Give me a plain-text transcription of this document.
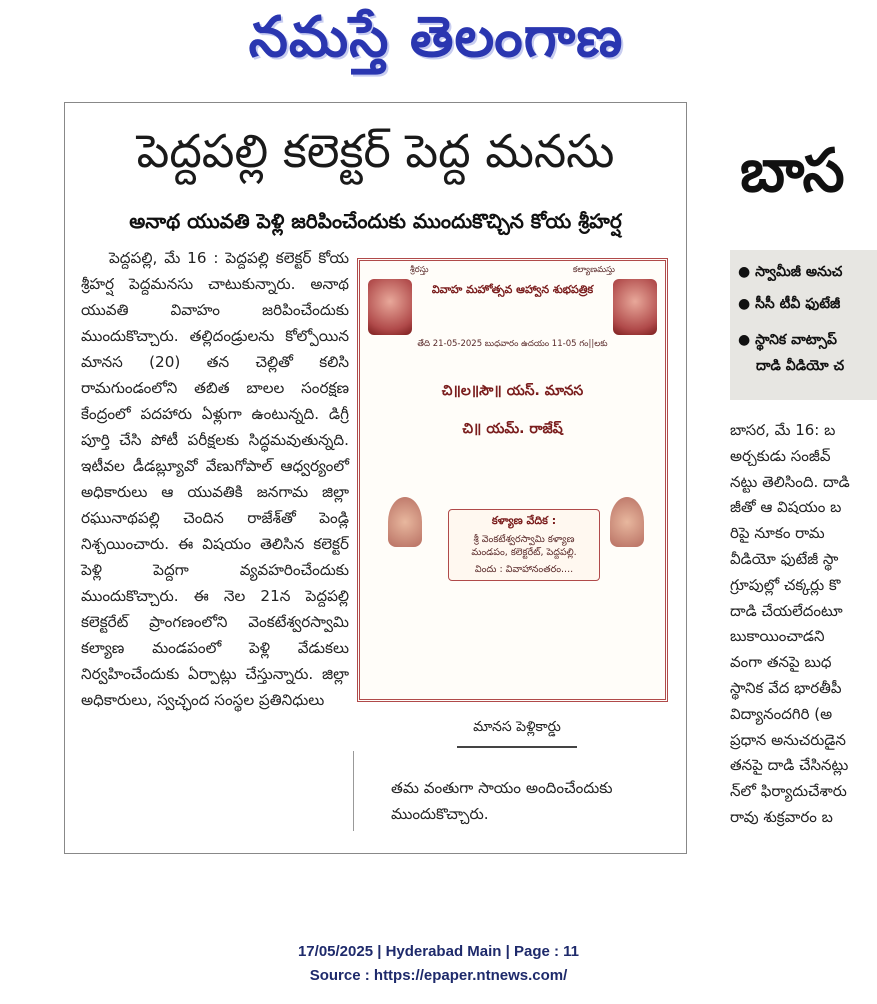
నమస్తే తెలంగాణ
పెద్దపల్లి కలెక్టర్ పెద్ద మనసు
అనాథ యువతి పెళ్లి జరిపించేందుకు ముందుకొచ్చిన కోయ శ్రీహర్ష

పెద్దపల్లి, మే 16 : పెద్దపల్లి కలెక్టర్ కోయ శ్రీహర్ష పెద్దమనసు చాటుకున్నారు. అనాథ యువతి వివాహం జరిపించేందుకు ముందుకొచ్చారు. తల్లిదండ్రులను కోల్పోయిన మానస (20) తన చెల్లితో కలిసి రామగుండంలోని తబిత బాలల సంరక్షణ కేంద్రంలో పదహారు ఏళ్లుగా ఉంటున్నది. డిగ్రీ పూర్తి చేసి పోటీ పరీక్షలకు సిద్ధమవుతున్నది. ఇటీవల డీడబ్ల్యూవో వేణుగోపాల్ ఆధ్వర్యంలో అధికారులు ఆ యువతికి జనగామ జిల్లా రఘునాథపల్లి చెందిన రాజేశ్‌తో పెండ్లి నిశ్చయించారు. ఈ విషయం తెలిసిన కలెక్టర్ పెళ్లి పెద్దగా వ్యవహరించేందుకు ముందుకొచ్చారు. ఈ నెల 21న పెద్దపల్లి కలెక్టరేట్ ప్రాంగణంలోని వెంకటేశ్వరస్వామి కల్యాణ మండపంలో పెళ్లి వేడుకలు నిర్వహించేందుకు ఏర్పాట్లు చేస్తున్నారు. జిల్లా అధికారులు, స్వచ్ఛంద సంస్థల ప్రతినిధులు

శ్రీరస్తు	కల్యాణమస్తు
వివాహ మహోత్సవ ఆహ్వాన శుభపత్రిక
తేది 21-05-2025 బుధవారం ఉదయం 11-05 గం||లకు
చి॥ల॥సౌ॥ యస్. మానస
చి॥ యమ్. రాజేష్
కళ్యాణ వేదిక :
శ్రీ వెంకటేశ్వరస్వామి కళ్యాణ మండపం, కలెక్టరేట్, పెద్దపల్లి.
విందు : వివాహానంతరం....
మానస పెళ్లికార్డు
తమ వంతుగా సాయం అందించేందుకు ముందుకొచ్చారు.
బాస
● స్వామీజీ అనుచ
● సీసీ టీవీ ఫుటేజీ
● స్థానిక వాట్సాప్
దాడి వీడియో చ
బాసర, మే 16: బ
అర్చకుడు సంజీవ్
నట్టు తెలిసింది. దాడి
జీతో ఆ విషయం బ
రిపై నూకం రామ
వీడియో ఫుటేజీ స్థా
గ్రూపుల్లో చక్కర్లు కొ
దాడి చేయలేదంటూ
బుకాయించాడని
వంగా తనపై బుధ
స్థానిక వేద భారతీపీ
విద్యానందగిరి (అ
ప్రధాన అనుచరుడైన
తనపై దాడి చేసినట్లు
న్‌లో ఫిర్యాదుచేశారు
రావు శుక్రవారం బ
17/05/2025 | Hyderabad Main | Page : 11
Source : https://epaper.ntnews.com/
